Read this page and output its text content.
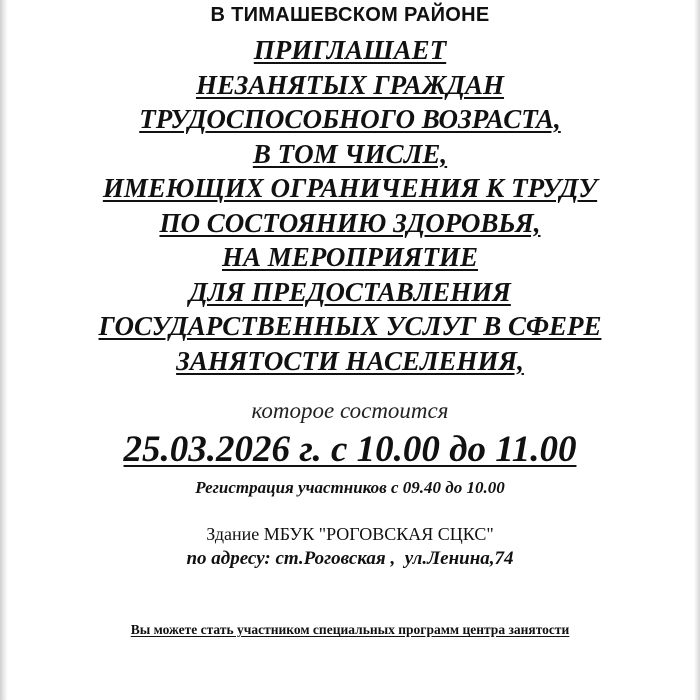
В ТИМАШЕВСКОМ РАЙОНЕ
ПРИГЛАШАЕТ
НЕЗАНЯТЫХ ГРАЖДАН
ТРУДОСПОСОБНОГО ВОЗРАСТА,
В ТОМ ЧИСЛЕ,
ИМЕЮЩИХ ОГРАНИЧЕНИЯ К ТРУДУ
ПО СОСТОЯНИЮ ЗДОРОВЬЯ,
НА МЕРОПРИЯТИЕ
ДЛЯ ПРЕДОСТАВЛЕНИЯ
ГОСУДАРСТВЕННЫХ УСЛУГ В СФЕРЕ
ЗАНЯТОСТИ НАСЕЛЕНИЯ,
которое состоится
25.03.2026 г. с 10.00 до 11.00
Регистрация участников с 09.40 до 10.00
Здание МБУК "РОГОВСКАЯ СЦКС"
по адресу: ст.Роговская ,  ул.Ленина,74
Вы можете стать участником специальных программ центра занятости
